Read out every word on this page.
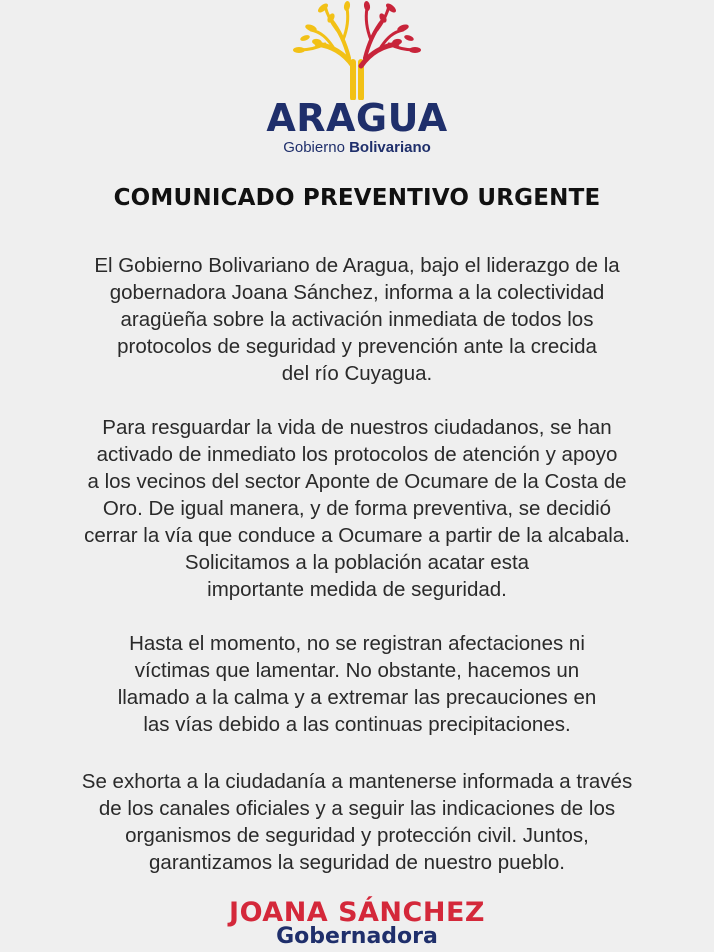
ARAGUA
Gobierno Bolivariano
COMUNICADO PREVENTIVO URGENTE
El Gobierno Bolivariano de Aragua, bajo el liderazgo de la
gobernadora Joana Sánchez, informa a la colectividad
aragüeña sobre la activación inmediata de todos los
protocolos de seguridad y prevención ante la crecida
del río Cuyagua.
Para resguardar la vida de nuestros ciudadanos, se han
activado de inmediato los protocolos de atención y apoyo
a los vecinos del sector Aponte de Ocumare de la Costa de
Oro. De igual manera, y de forma preventiva, se decidió
cerrar la vía que conduce a Ocumare a partir de la alcabala.
Solicitamos a la población acatar esta
importante medida de seguridad.
Hasta el momento, no se registran afectaciones ni
víctimas que lamentar. No obstante, hacemos un
llamado a la calma y a extremar las precauciones en
las vías debido a las continuas precipitaciones.
Se exhorta a la ciudadanía a mantenerse informada a través
de los canales oficiales y a seguir las indicaciones de los
organismos de seguridad y protección civil. Juntos,
garantizamos la seguridad de nuestro pueblo.
JOANA SÁNCHEZ
Gobernadora
